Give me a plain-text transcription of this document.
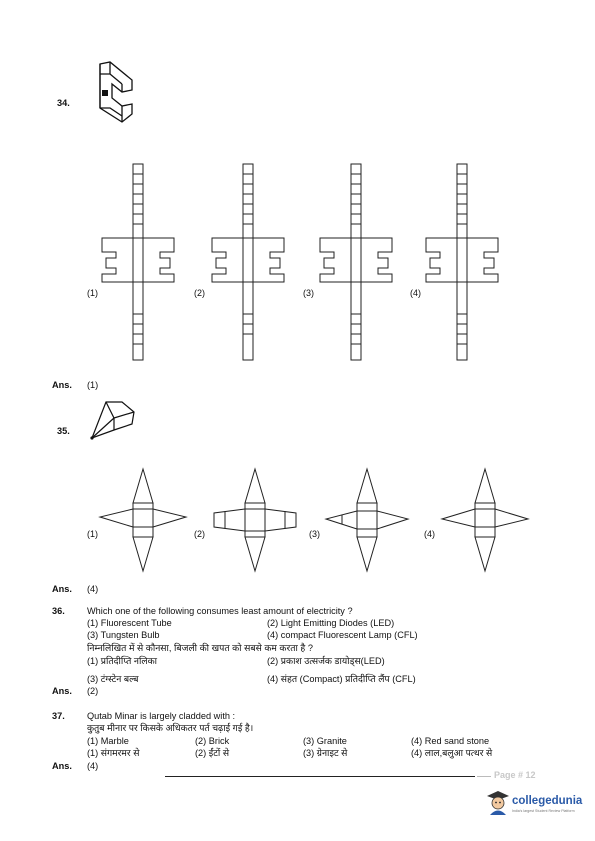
34.
(1)	(2)	(3)	(4)
Ans. (1)
35.
(1)	(2)	(3)	(4)
Ans. (4)
36. Which one of the following consumes least amount of electricity ?
(1) Fluorescent Tube	(2) Light Emitting Diodes (LED)
(3) Tungsten Bulb	(4) compact Fluorescent Lamp (CFL)
निम्नलिखित में से कौनसा, बिजली की खपत को सबसे कम करता है ?
(1) प्रतिदीप्ति नलिका	(2) प्रकाश उत्सर्जक डायोड्स(LED)
(3) टंग्स्टेन बल्ब	(4) संहत (Compact) प्रतिदीप्ति लैंप (CFL)
Ans. (2)
37. Qutab Minar is largely cladded with :
कुतुब मीनार पर किसके अधिकतर पर्त चढ़ाई गई है।
(1) Marble	(2) Brick	(3) Granite	(4) Red sand stone
(1) संगमरमर से	(2) ईंटों से	(3) ग्रेनाइट से	(4) लाल,बलुआ पत्थर से
Ans. (4)
Page # 12
collegedunia
India's largest Student Review Platform
